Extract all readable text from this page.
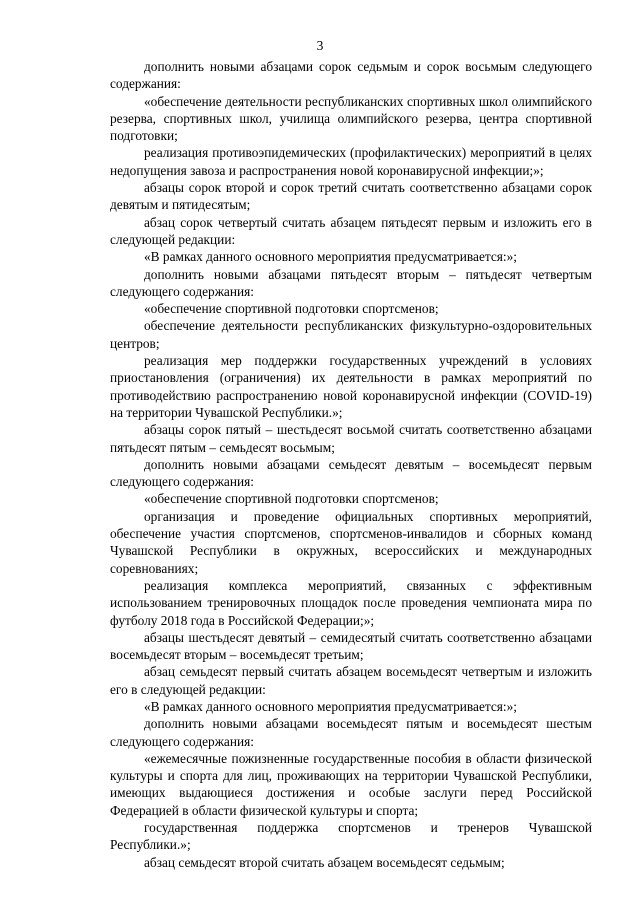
3

дополнить новыми абзацами сорок седьмым и сорок восьмым следующего содержания:

«обеспечение деятельности республиканских спортивных школ олимпийского резерва, спортивных школ, училища олимпийского резерва, центра спортивной подготовки;

реализация противоэпидемических (профилактических) мероприятий в целях недопущения завоза и распространения новой коронавирусной инфекции;»;

абзацы сорок второй и сорок третий считать соответственно абзацами сорок девятым и пятидесятым;

абзац сорок четвертый считать абзацем пятьдесят первым и изложить его в следующей редакции:

«В рамках данного основного мероприятия предусматривается:»;

дополнить новыми абзацами пятьдесят вторым – пятьдесят четвертым следующего содержания:

«обеспечение спортивной подготовки спортсменов;

обеспечение деятельности республиканских физкультурно-оздоровительных центров;

реализация мер поддержки государственных учреждений в условиях приостановления (ограничения) их деятельности в рамках мероприятий по противодействию распространению новой коронавирусной инфекции (COVID-19) на территории Чувашской Республики.»;

абзацы сорок пятый – шестьдесят восьмой считать соответственно абзацами пятьдесят пятым – семьдесят восьмым;

дополнить новыми абзацами семьдесят девятым – восемьдесят первым следующего содержания:

«обеспечение спортивной подготовки спортсменов;

организация и проведение официальных спортивных мероприятий, обеспечение участия спортсменов, спортсменов-инвалидов и сборных команд Чувашской Республики в окружных, всероссийских и международных соревнованиях;

реализация комплекса мероприятий, связанных с эффективным использованием тренировочных площадок после проведения чемпионата мира по футболу 2018 года в Российской Федерации;»;

абзацы шестьдесят девятый – семидесятый считать соответственно абзацами восемьдесят вторым – восемьдесят третьим;

абзац семьдесят первый считать абзацем восемьдесят четвертым и изложить его в следующей редакции:

«В рамках данного основного мероприятия предусматривается:»;

дополнить новыми абзацами восемьдесят пятым и восемьдесят шестым следующего содержания:

«ежемесячные пожизненные государственные пособия в области физической культуры и спорта для лиц, проживающих на территории Чувашской Республики, имеющих выдающиеся достижения и особые заслуги перед Российской Федерацией в области физической культуры и спорта;

государственная поддержка спортсменов и тренеров Чувашской Республики.»;

абзац семьдесят второй считать абзацем восемьдесят седьмым;
